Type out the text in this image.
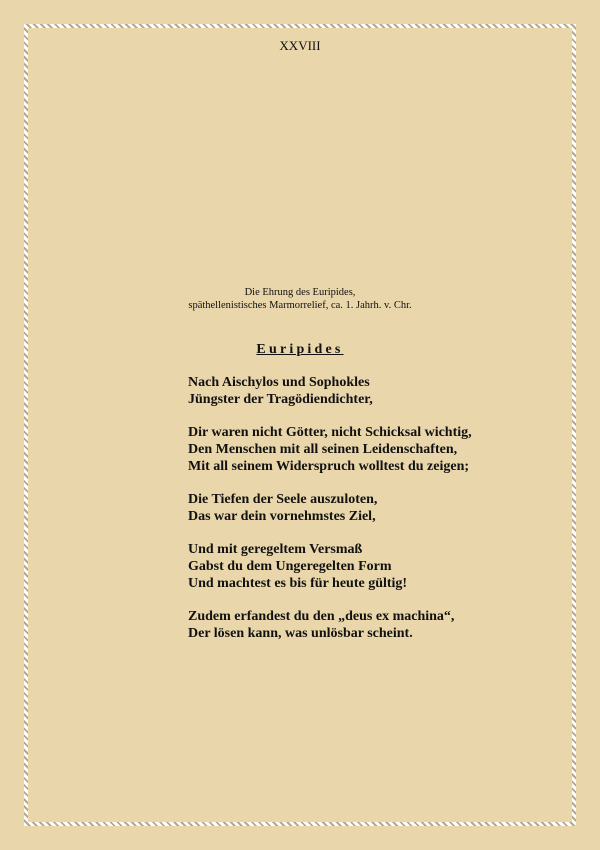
XXVIII
Die Ehrung des Euripides,
späthellenistisches Marmorrelief, ca. 1. Jahrh. v. Chr.
Euripides
Nach Aischylos und Sophokles
Jüngster der Tragödiendichter,
Dir waren nicht Götter, nicht Schicksal wichtig,
Den Menschen mit all seinen Leidenschaften,
Mit all seinem Widerspruch wolltest du zeigen;
Die Tiefen der Seele auszuloten,
Das war dein vornehmstes Ziel,
Und mit geregeltem Versmaß
Gabst du dem Ungeregelten Form
Und machtest es bis für heute gültig!
Zudem erfandest du den „deus ex machina“,
Der lösen kann, was unlösbar scheint.
